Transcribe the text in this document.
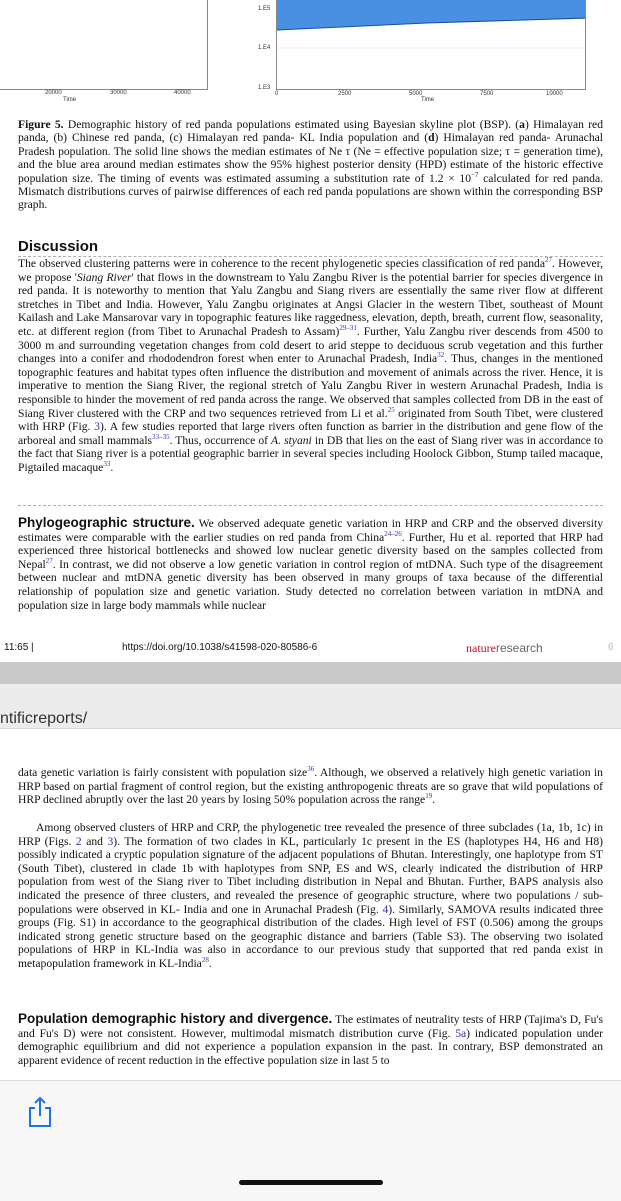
20000	30000	40000
Time
1.E5
1.E4
1.E3
0	2500	5000	7500	10000
Time
Figure 5. Demographic history of red panda populations estimated using Bayesian skyline plot (BSP). (a) Himalayan red panda, (b) Chinese red panda, (c) Himalayan red panda- KL India population and (d) Himalayan red panda- Arunachal Pradesh population. The solid line shows the median estimates of Ne τ (Ne = effective population size; τ = generation time), and the blue area around median estimates show the 95% highest posterior density (HPD) estimate of the historic effective population size. The timing of events was estimated assuming a substitution rate of $1.2 \times 10^{-7}$ calculated for red panda. Mismatch distributions curves of pairwise differences of each red panda populations are shown within the corresponding BSP graph.
Discussion

The observed clustering patterns were in coherence to the recent phylogenetic species classification of red panda$^{27}$. However, we propose 'Siang River' that flows in the downstream to Yalu Zangbu River is the potential barrier for species divergence in red panda. It is noteworthy to mention that Yalu Zangbu and Siang rivers are essentially the same river flow at different stretches in Tibet and India. However, Yalu Zangbu originates at Angsi Glacier in the western Tibet, southeast of Mount Kailash and Lake Mansarovar vary in topographic features like raggedness, elevation, depth, breath, current flow, seasonality, etc. at different region (from Tibet to Arunachal Pradesh to Assam)$^{29-31}$. Further, Yalu Zangbu river descends from 4500 to 3000 m and surrounding vegetation changes from cold desert to arid steppe to deciduous scrub vegetation and this further changes into a conifer and rhododendron forest when enter to Arunachal Pradesh, India$^{32}$. Thus, changes in the mentioned topographic features and habitat types often influence the distribution and movement of animals across the river. Hence, it is imperative to mention the Siang River, the regional stretch of Yalu Zangbu River in western Arunachal Pradesh, India is responsible to hinder the movement of red panda across the range. We observed that samples collected from DB in the east of Siang River clustered with the CRP and two sequences retrieved from Li et al.$^{25}$ originated from South Tibet, were clustered with HRP (Fig. 3). A few studies reported that large rivers often function as barrier in the distribution and gene flow of the arboreal and small mammals$^{33-35}$. Thus, occurrence of A. styani in DB that lies on the east of Siang river was in accordance to the fact that Siang river is a potential geographic barrier in several species including Hoolock Gibbon, Stump tailed macaque, Pigtailed macaque$^{33}$.

Phylogeographic structure. We observed adequate genetic variation in HRP and CRP and the observed diversity estimates were comparable with the earlier studies on red panda from China$^{24-26}$. Further, Hu et al. reported that HRP had experienced three historical bottlenecks and showed low nuclear genetic diversity based on the samples collected from Nepal$^{27}$. In contrast, we did not observe a low genetic variation in control region of mtDNA. Such type of the disagreement between nuclear and mtDNA genetic diversity has been observed in many groups of taxa because of the differential relationship of population size and genetic variation. Study detected no correlation between variation in mtDNA and population size in large body mammals while nuclear

11:65 |	https://doi.org/10.1038/s41598-020-80586-6	natureresearch	6
ntificreports/

data genetic variation is fairly consistent with population size$^{36}$. Although, we observed a relatively high genetic variation in HRP based on partial fragment of control region, but the existing anthropogenic threats are so grave that wild populations of HRP declined abruptly over the last 20 years by losing 50% population across the range$^{19}$.

Among observed clusters of HRP and CRP, the phylogenetic tree revealed the presence of three subclades (1a, 1b, 1c) in HRP (Figs. 2 and 3). The formation of two clades in KL, particularly 1c present in the ES (haplotypes H4, H6 and H8) possibly indicated a cryptic population signature of the adjacent populations of Bhutan. Interestingly, one haplotype from ST (South Tibet), clustered in clade 1b with haplotypes from SNP, ES and WS, clearly indicated the distribution of HRP population from west of the Siang river to Tibet including distribution in Nepal and Bhutan. Further, BAPS analysis also indicated the presence of three clusters, and revealed the presence of geographic structure, where two populations / sub-populations were observed in KL- India and one in Arunachal Pradesh (Fig. 4). Similarly, SAMOVA results indicated three groups (Fig. S1) in accordance to the geographical distribution of the clades. High level of FST (0.506) among the groups indicated strong genetic structure based on the geographic distance and barriers (Table S3). The observing two isolated populations of HRP in KL-India was also in accordance to our previous study that supported that red panda exist in metapopulation framework in KL-India$^{28}$.

Population demographic history and divergence. The estimates of neutrality tests of HRP (Tajima's D, Fu's and Fu's D) were not consistent. However, multimodal mismatch distribution curve (Fig. 5a) indicated population under demographic equilibrium and did not experience a population expansion in the past. In contrary, BSP demonstrated an apparent evidence of recent reduction in the effective population size in last 5 to
